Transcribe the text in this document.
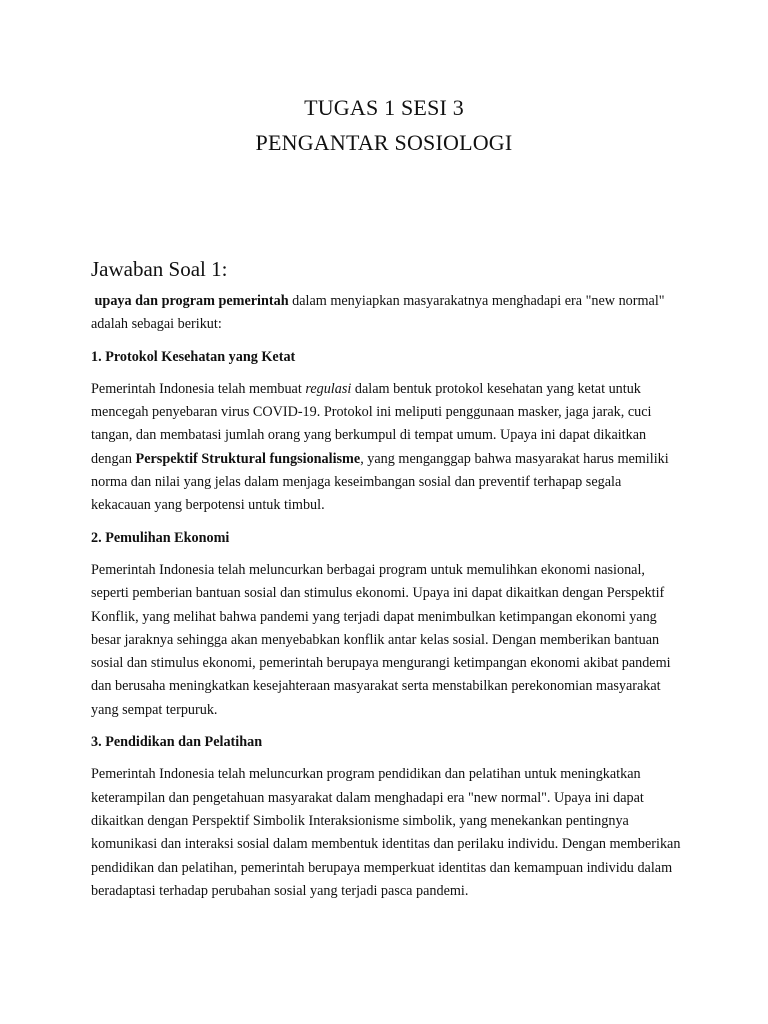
TUGAS 1 SESI 3
PENGANTAR SOSIOLOGI
Jawaban Soal 1:

upaya dan program pemerintah dalam menyiapkan masyarakatnya menghadapi era "new normal" adalah sebagai berikut:

1. Protokol Kesehatan yang Ketat

Pemerintah Indonesia telah membuat regulasi dalam bentuk protokol kesehatan yang ketat untuk mencegah penyebaran virus COVID-19. Protokol ini meliputi penggunaan masker, jaga jarak, cuci tangan, dan membatasi jumlah orang yang berkumpul di tempat umum. Upaya ini dapat dikaitkan dengan Perspektif Struktural fungsionalisme, yang menganggap bahwa masyarakat harus memiliki norma dan nilai yang jelas dalam menjaga keseimbangan sosial dan preventif terhapap segala kekacauan yang berpotensi untuk timbul.

2. Pemulihan Ekonomi

Pemerintah Indonesia telah meluncurkan berbagai program untuk memulihkan ekonomi nasional, seperti pemberian bantuan sosial dan stimulus ekonomi. Upaya ini dapat dikaitkan dengan Perspektif Konflik, yang melihat bahwa pandemi yang terjadi dapat menimbulkan ketimpangan ekonomi yang besar jaraknya sehingga akan menyebabkan konflik antar kelas sosial. Dengan memberikan bantuan sosial dan stimulus ekonomi, pemerintah berupaya mengurangi ketimpangan ekonomi akibat pandemi dan berusaha meningkatkan kesejahteraan masyarakat serta menstabilkan perekonomian masyarakat yang sempat terpuruk.

3. Pendidikan dan Pelatihan

Pemerintah Indonesia telah meluncurkan program pendidikan dan pelatihan untuk meningkatkan keterampilan dan pengetahuan masyarakat dalam menghadapi era "new normal". Upaya ini dapat dikaitkan dengan Perspektif Simbolik Interaksionisme simbolik, yang menekankan pentingnya komunikasi dan interaksi sosial dalam membentuk identitas dan perilaku individu. Dengan memberikan pendidikan dan pelatihan, pemerintah berupaya memperkuat identitas dan kemampuan individu dalam beradaptasi terhadap perubahan sosial yang terjadi pasca pandemi.
